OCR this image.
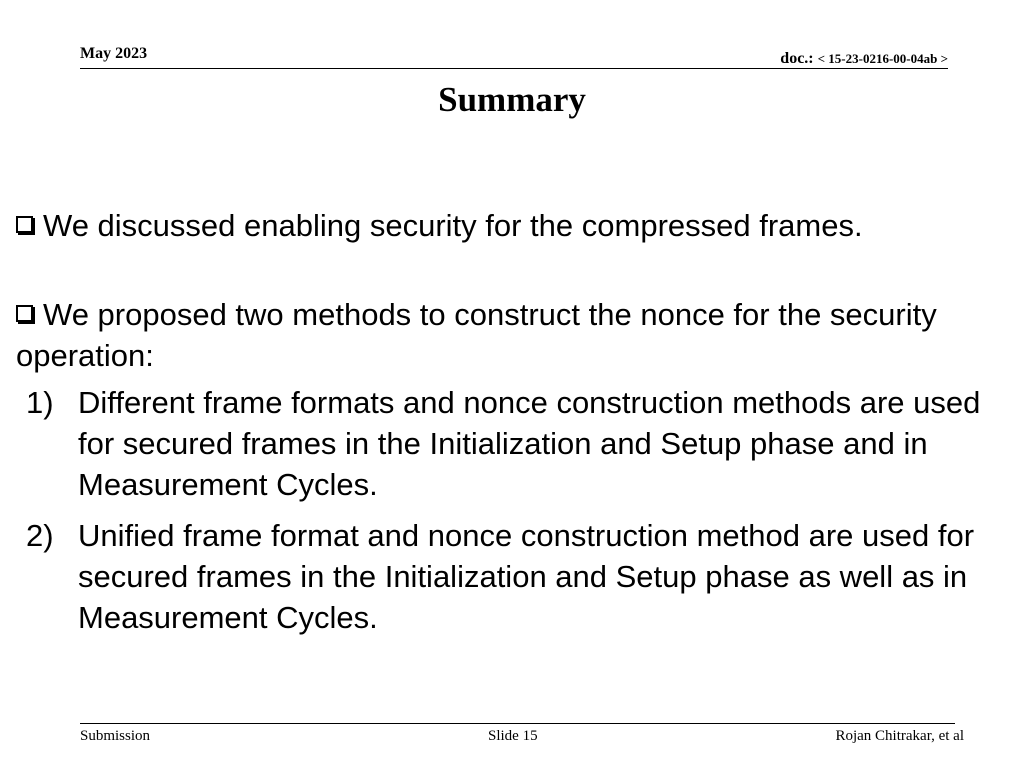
May 2023	doc.: < 15-23-0216-00-04ab >
Summary
We discussed enabling security for the compressed frames.
We proposed two methods to construct the nonce for the security operation:
1) Different frame formats and nonce construction methods are used for secured frames in the Initialization and Setup phase and in Measurement Cycles.
2) Unified frame format and nonce construction method are used for secured frames in the Initialization and Setup phase as well as in Measurement Cycles.
Submission	Slide 15	Rojan Chitrakar, et al
